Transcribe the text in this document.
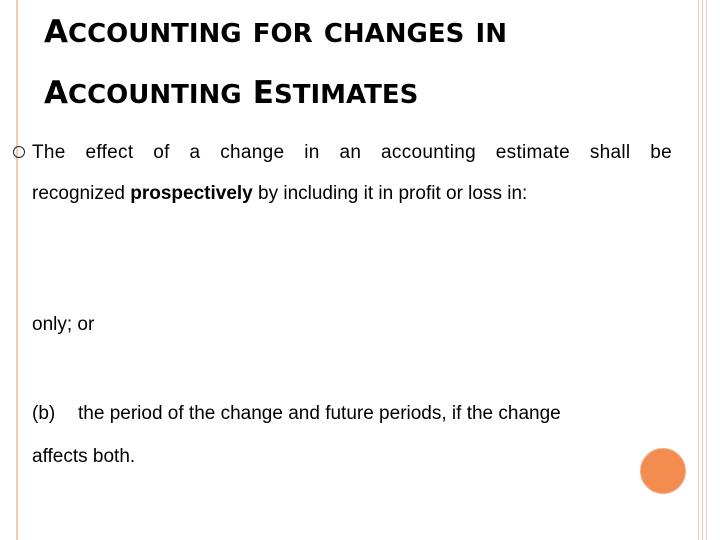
ACCOUNTING FOR CHANGES IN
ACCOUNTING ESTIMATES
The effect of a change in an accounting estimate shall be
recognized prospectively by including it in profit or loss in:
only; or
(b) the period of the change and future periods, if the change
affects both.
